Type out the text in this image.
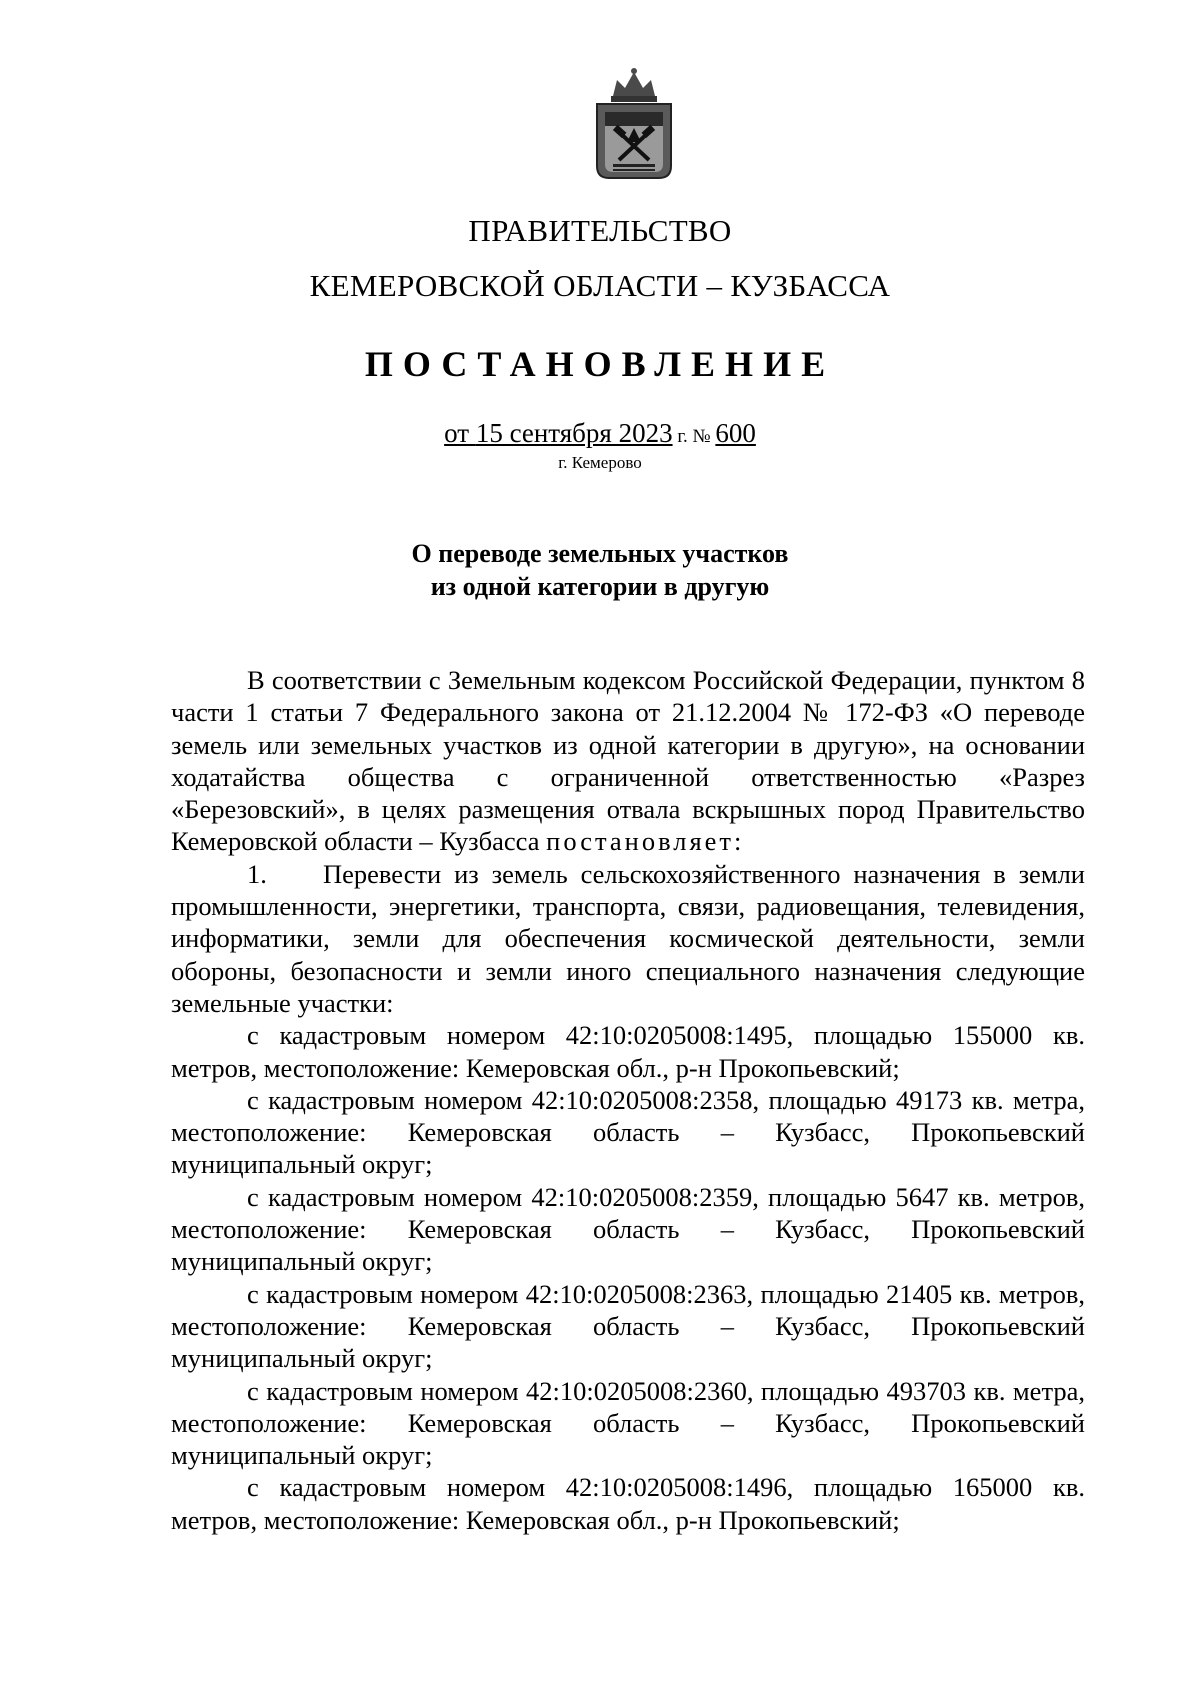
ПРАВИТЕЛЬСТВО
КЕМЕРОВСКОЙ ОБЛАСТИ – КУЗБАССА
ПОСТАНОВЛЕНИЕ
от 15 сентября 2023 г. № 600
г. Кемерово
О переводе земельных участков
из одной категории в другую

В соответствии с Земельным кодексом Российской Федерации, пунктом 8 части 1 статьи 7 Федерального закона от 21.12.2004 № 172-ФЗ «О переводе земель или земельных участков из одной категории в другую», на основании ходатайства общества с ограниченной ответственностью «Разрез «Березовский», в целях размещения отвала вскрышных пород Правительство Кемеровской области – Кузбасса постановляет:

1. Перевести из земель сельскохозяйственного назначения в земли промышленности, энергетики, транспорта, связи, радиовещания, телевидения, информатики, земли для обеспечения космической деятельности, земли обороны, безопасности и земли иного специального назначения следующие земельные участки:

с кадастровым номером 42:10:0205008:1495, площадью 155000 кв. метров, местоположение: Кемеровская обл., р-н Прокопьевский;

с кадастровым номером 42:10:0205008:2358, площадью 49173 кв. метра, местоположение: Кемеровская область – Кузбасс, Прокопьевский муниципальный округ;

с кадастровым номером 42:10:0205008:2359, площадью 5647 кв. метров, местоположение: Кемеровская область – Кузбасс, Прокопьевский муниципальный округ;

с кадастровым номером 42:10:0205008:2363, площадью 21405 кв. метров, местоположение: Кемеровская область – Кузбасс, Прокопьевский муниципальный округ;

с кадастровым номером 42:10:0205008:2360, площадью 493703 кв. метра, местоположение: Кемеровская область – Кузбасс, Прокопьевский муниципальный округ;

с кадастровым номером 42:10:0205008:1496, площадью 165000 кв. метров, местоположение: Кемеровская обл., р-н Прокопьевский;
